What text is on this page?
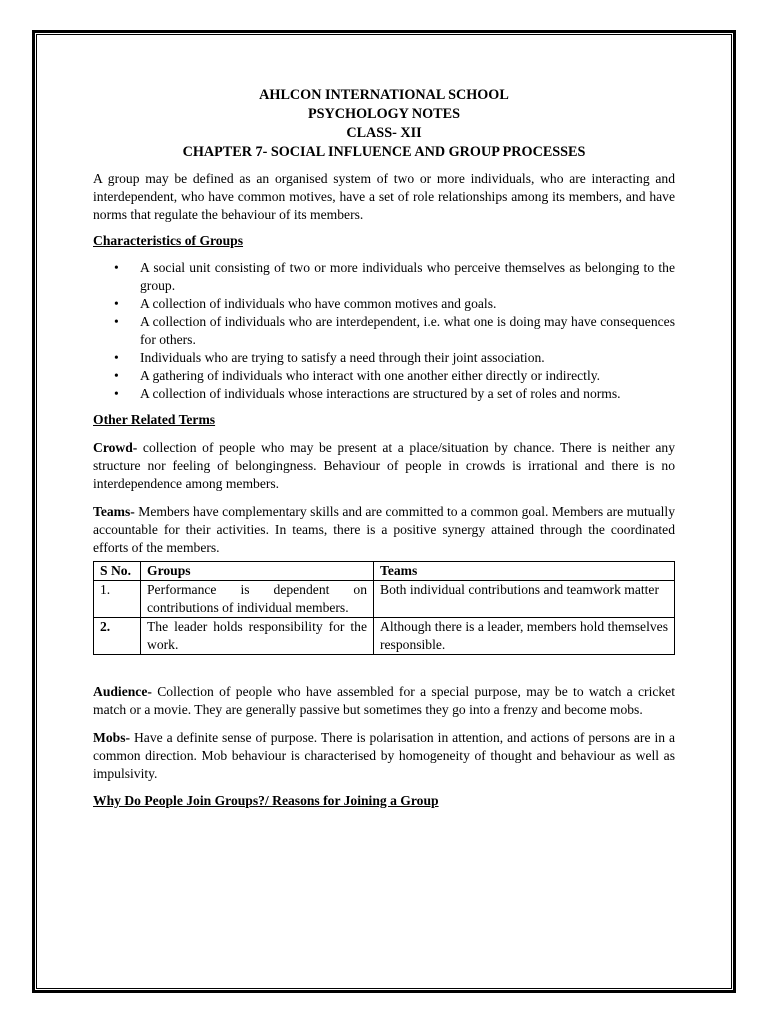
AHLCON INTERNATIONAL SCHOOL
PSYCHOLOGY NOTES
CLASS- XII
CHAPTER 7- SOCIAL INFLUENCE AND GROUP PROCESSES

A group may be defined as an organised system of two or more individuals, who are interacting and interdependent, who have common motives, have a set of role relationships among its members, and have norms that regulate the behaviour of its members.

Characteristics of Groups
• A social unit consisting of two or more individuals who perceive themselves as belonging to the group.
• A collection of individuals who have common motives and goals.
• A collection of individuals who are interdependent, i.e. what one is doing may have consequences for others.
• Individuals who are trying to satisfy a need through their joint association.
• A gathering of individuals who interact with one another either directly or indirectly.
• A collection of individuals whose interactions are structured by a set of roles and norms.
Other Related Terms

Crowd- collection of people who may be present at a place/situation by chance. There is neither any structure nor feeling of belongingness. Behaviour of people in crowds is irrational and there is no interdependence among members.

Teams- Members have complementary skills and are committed to a common goal. Members are mutually accountable for their activities. In teams, there is a positive synergy attained through the coordinated efforts of the members.

S No.	Groups	Teams
1.	Performance is dependent on contributions of individual members.	Both individual contributions and teamwork matter
2.	The leader holds responsibility for the work.	Although there is a leader, members hold themselves responsible.

Audience- Collection of people who have assembled for a special purpose, may be to watch a cricket match or a movie. They are generally passive but sometimes they go into a frenzy and become mobs.

Mobs- Have a definite sense of purpose. There is polarisation in attention, and actions of persons are in a common direction. Mob behaviour is characterised by homogeneity of thought and behaviour as well as impulsivity.

Why Do People Join Groups?/ Reasons for Joining a Group
